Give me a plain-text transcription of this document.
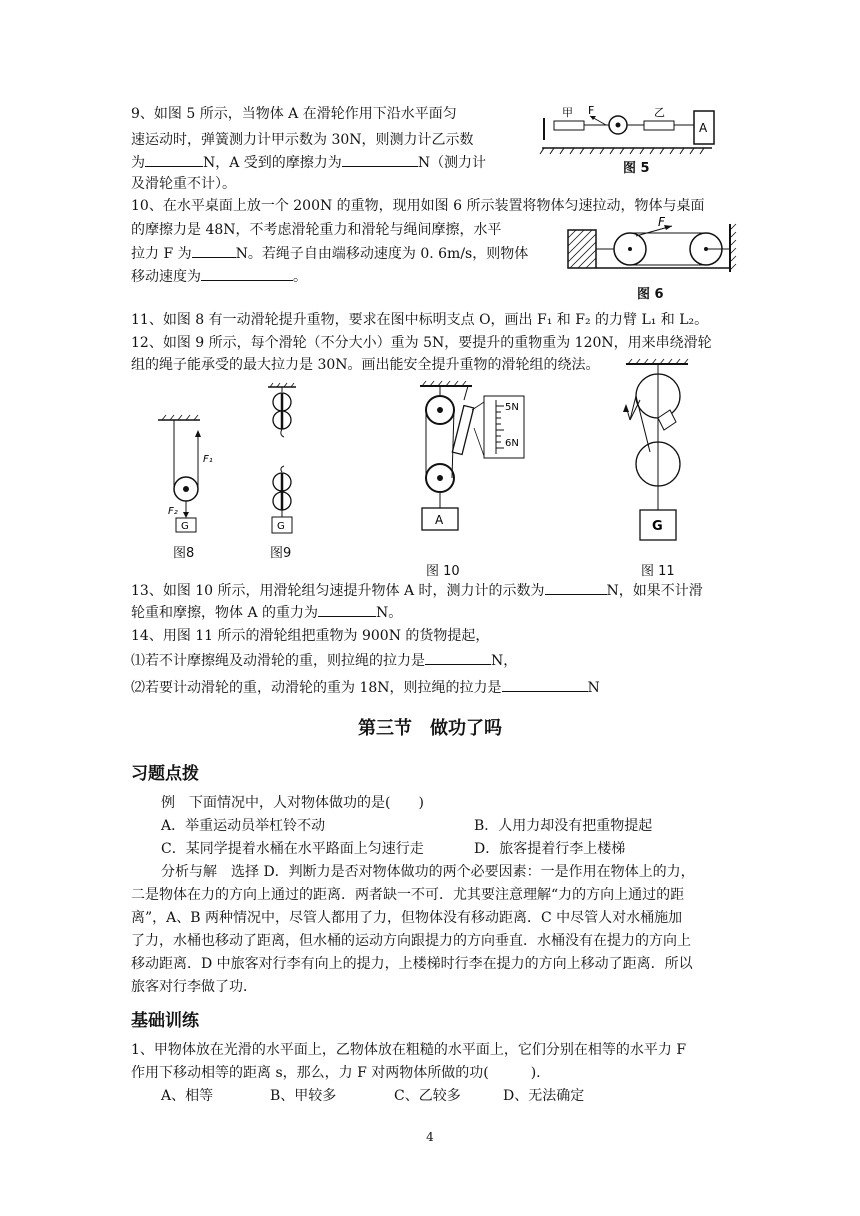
9、如图 5 所示，当物体 A 在滑轮作用下沿水平面匀
速运动时，弹簧测力计甲示数为 30N，则测力计乙示数
为	N，A 受到的摩擦力为	N（测力计
及滑轮重不计）。
甲 F	乙
A
图 5
10、在水平桌面上放一个 200N 的重物，现用如图 6 所示装置将物体匀速拉动，物体与桌面
的摩擦力是 48N，不考虑滑轮重力和滑轮与绳间摩擦，水平
拉力 F 为	N。若绳子自由端移动速度为 0. 6m/s，则物体
移动速度为	。
F
图 6
11、如图 8 有一动滑轮提升重物，要求在图中标明支点 O，画出 F₁ 和 F₂ 的力臂 L₁ 和 L₂。
12、如图 9 所示，每个滑轮（不分大小）重为 5N，要提升的重物重为 120N，用来串绕滑轮
组的绳子能承受的最大拉力是 30N。画出能安全提升重物的滑轮组的绕法。
F₁
F₂
G
图8
G
图9
5N
6N
A
图 10
G
图 11
13、如图 10 所示，用滑轮组匀速提升物体 A 时，测力计的示数为	N，如果不计滑
轮重和摩擦，物体 A 的重力为	N。
14、用图 11 所示的滑轮组把重物为 900N 的货物提起，
⑴若不计摩擦绳及动滑轮的重，则拉绳的拉力是	N，
⑵若要计动滑轮的重，动滑轮的重为 18N，则拉绳的拉力是	N
第三节　做功了吗
习题点拨
例　下面情况中，人对物体做功的是(　　)
A．举重运动员举杠铃不动	B．人用力却没有把重物提起
C．某同学提着水桶在水平路面上匀速行走	D．旅客提着行李上楼梯
分析与解　选择 D．判断力是否对物体做功的两个必要因素：一是作用在物体上的力，
二是物体在力的方向上通过的距离．两者缺一不可．尤其要注意理解“力的方向上通过的距
离”，A、B 两种情况中，尽管人都用了力，但物体没有移动距离．C 中尽管人对水桶施加
了力，水桶也移动了距离，但水桶的运动方向跟提力的方向垂直．水桶没有在提力的方向上
移动距离．D 中旅客对行李有向上的提力，上楼梯时行李在提力的方向上移动了距离．所以
旅客对行李做了功．
基础训练
1、甲物体放在光滑的水平面上，乙物体放在粗糙的水平面上，它们分别在相等的水平力 F
作用下移动相等的距离 s，那么，力 F 对两物体所做的功(　　　).
A、相等	B、甲较多	C、乙较多	D、无法确定
4
